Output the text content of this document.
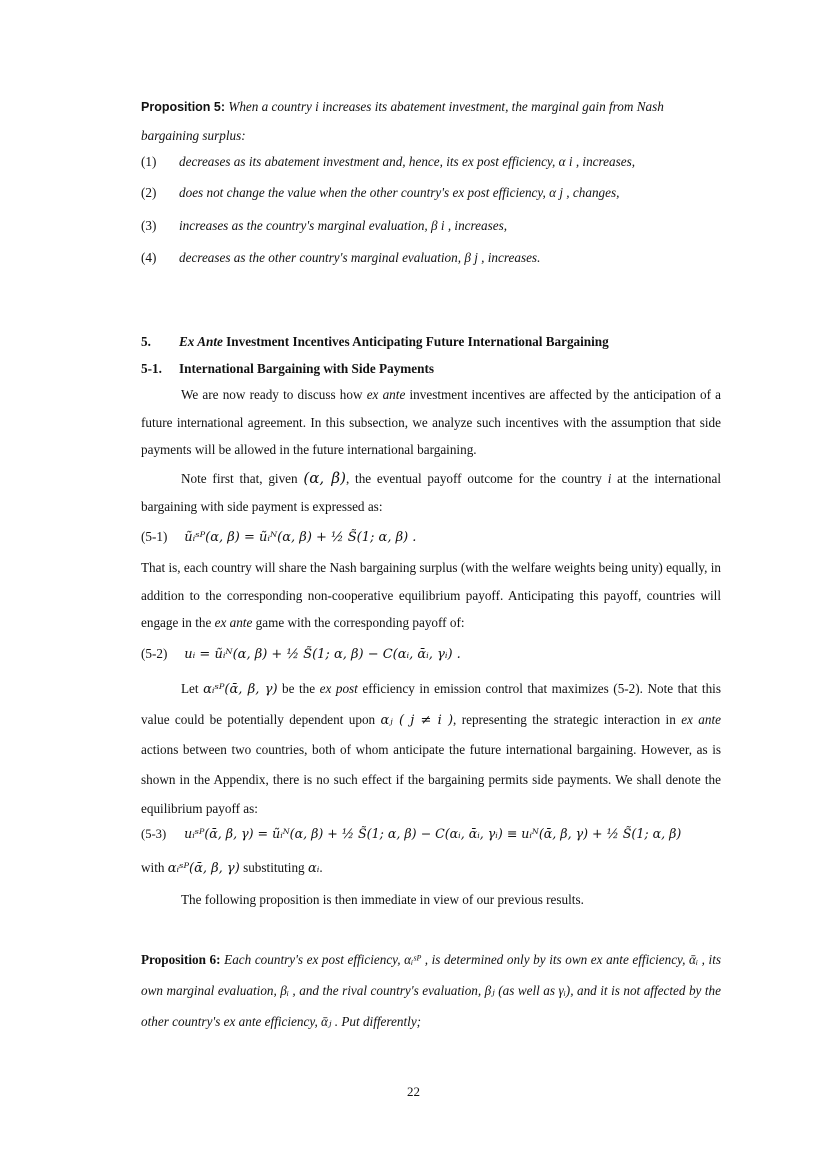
Proposition 5: When a country i increases its abatement investment, the marginal gain from Nash bargaining surplus:
(1) decreases as its abatement investment and, hence, its ex post efficiency, α i , increases,
(2) does not change the value when the other country's ex post efficiency, α j , changes,
(3) increases as the country's marginal evaluation, β i , increases,
(4) decreases as the other country's marginal evaluation, β j , increases.
5. Ex Ante Investment Incentives Anticipating Future International Bargaining
5-1. International Bargaining with Side Payments
We are now ready to discuss how ex ante investment incentives are affected by the anticipation of a future international agreement. In this subsection, we analyze such incentives with the assumption that side payments will be allowed in the future international bargaining.
Note first that, given (α, β), the eventual payoff outcome for the country i at the international bargaining with side payment is expressed as:
(5-1) ũᵢˢᴾ(α, β) = ũᵢᴺ(α, β) + ½ S̃(1; α, β) .
That is, each country will share the Nash bargaining surplus (with the welfare weights being unity) equally, in addition to the corresponding non-cooperative equilibrium payoff. Anticipating this payoff, countries will engage in the ex ante game with the corresponding payoff of:
(5-2) uᵢ = ũᵢᴺ(α, β) + ½ S̃(1; α, β) − C(αᵢ, ᾱᵢ, γᵢ) .
Let αᵢˢᴾ(ᾱ, β, γ) be the ex post efficiency in emission control that maximizes (5-2). Note that this value could be potentially dependent upon αⱼ ( j ≠ i ), representing the strategic interaction in ex ante actions between two countries, both of whom anticipate the future international bargaining. However, as is shown in the Appendix, there is no such effect if the bargaining permits side payments. We shall denote the equilibrium payoff as:
(5-3) uᵢˢᴾ(ᾱ, β, γ) = ũᵢᴺ(α, β) + ½ S̃(1; α, β) − C(αᵢ, ᾱᵢ, γᵢ) ≡ uᵢᴺ(ᾱ, β, γ) + ½ S̃(1; α, β)
with αᵢˢᴾ(ᾱ, β, γ) substituting αᵢ.
The following proposition is then immediate in view of our previous results.
Proposition 6: Each country's ex post efficiency, αᵢˢᴾ , is determined only by its own ex ante efficiency, ᾱᵢ , its own marginal evaluation, βᵢ , and the rival country's evaluation, βⱼ (as well as γᵢ), and it is not affected by the other country's ex ante efficiency, ᾱⱼ . Put differently;
22
